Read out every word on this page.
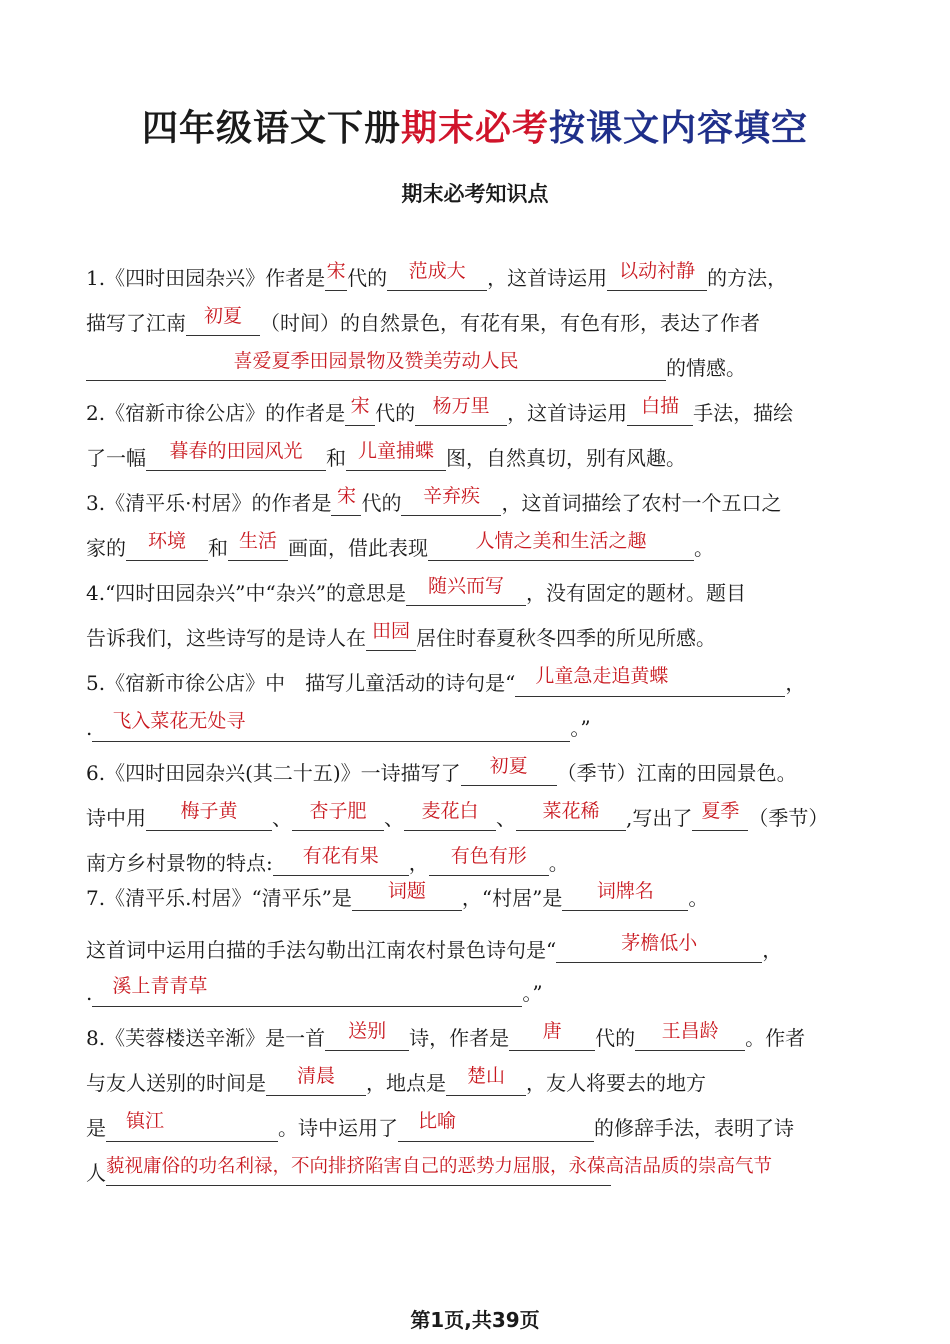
四年级语文下册期末必考按课文内容填空
期末必考知识点
1.《四时田园杂兴》作者是宋代的 范成大 ，这首诗运用 以动衬静 的方法，
描写了江南 初夏 （时间）的自然景色，有花有果，有色有形，表达了作者
喜爱夏季田园景物及赞美劳动人民	的情感。
2.《宿新市徐公店》的作者是 宋 代的 杨万里 ，这首诗运用 白描 手法，描绘
了一幅 暮春的田园风光 和 儿童捕蝶 图，自然真切，别有风趣。
3.《清平乐·村居》的作者是 宋 代的 辛弃疾 ，这首词描绘了农村一个五口之
家的 环境 和 生活 画面，借此表现 人情之美和生活之趣 。
4.“四时田园杂兴”中“杂兴”的意思是 随兴而写 ，没有固定的题材。题目
告诉我们，这些诗写的是诗人在 田园 居住时春夏秋冬四季的所见所感。
5.《宿新市徐公店》中　描写儿童活动的诗句是“	儿童急走追黄蝶	，
.	飞入菜花无处寻	。”
6.《四时田园杂兴(其二十五)》一诗描写了 初夏 （季节）江南的田园景色。
诗中用 梅子黄 、 杏子肥 、 麦花白 、 菜花稀 ,写出了 夏季 （季节）
南方乡村景物的特点: 有花有果 ， 有色有形 。
7.《清平乐.村居》“清平乐”是 词题 ，“村居”是 词牌名 。
这首词中运用白描的手法勾勒出江南农村景色诗句是“	茅檐低小	，
.	溪上青青草	。”
8.《芙蓉楼送辛渐》是一首 送别 诗，作者是 唐 代的 王昌龄 。作者
与友人送别的时间是 清晨 ，地点是 楚山 ，友人将要去的地方
是	镇江	。诗中运用了	比喻	的修辞手法，表明了诗
人藐视庸俗的功名利禄，不向排挤陷害自己的恶势力屈服，永葆高洁品质的崇高气节
第1页,共39页
